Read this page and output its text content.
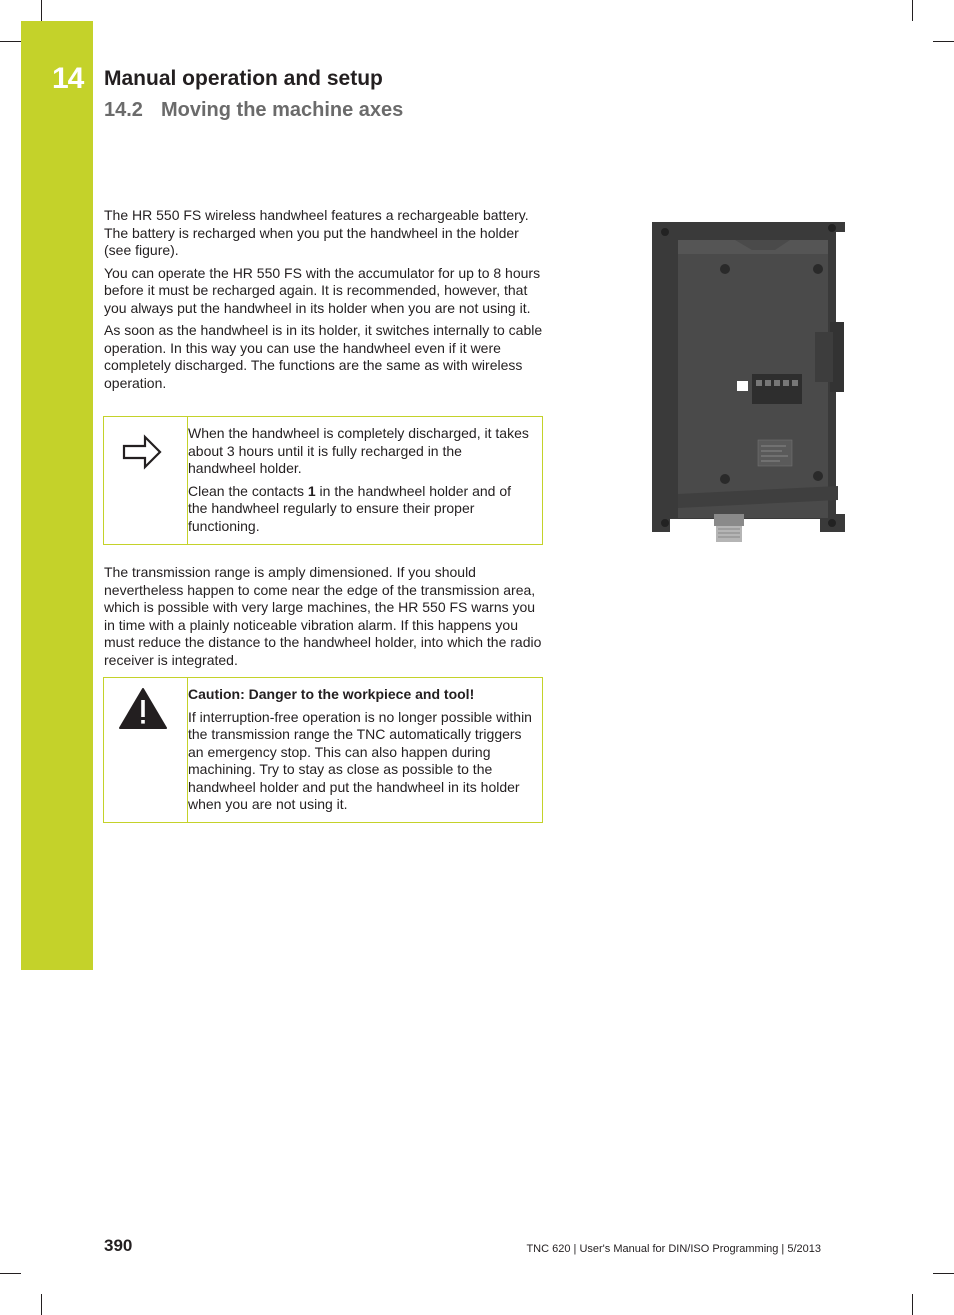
14 Manual operation and setup
14.2 Moving the machine axes

The HR 550 FS wireless handwheel features a rechargeable battery. The battery is recharged when you put the handwheel in the holder (see figure).

You can operate the HR 550 FS with the accumulator for up to 8 hours before it must be recharged again. It is recommended, however, that you always put the handwheel in its holder when you are not using it.

As soon as the handwheel is in its holder, it switches internally to cable operation. In this way you can use the handwheel even if it were completely discharged. The functions are the same as with wireless operation.

When the handwheel is completely discharged, it takes about 3 hours until it is fully recharged in the handwheel holder.

Clean the contacts 1 in the handwheel holder and of the handwheel regularly to ensure their proper functioning.

The transmission range is amply dimensioned. If you should nevertheless happen to come near the edge of the transmission area, which is possible with very large machines, the HR 550 FS warns you in time with a plainly noticeable vibration alarm. If this happens you must reduce the distance to the handwheel holder, into which the radio receiver is integrated.

Caution: Danger to the workpiece and tool!

If interruption-free operation is no longer possible within the transmission range the TNC automatically triggers an emergency stop. This can also happen during machining. Try to stay as close as possible to the handwheel holder and put the handwheel in its holder when you are not using it.

390	TNC 620 | User's Manual for DIN/ISO Programming | 5/2013
